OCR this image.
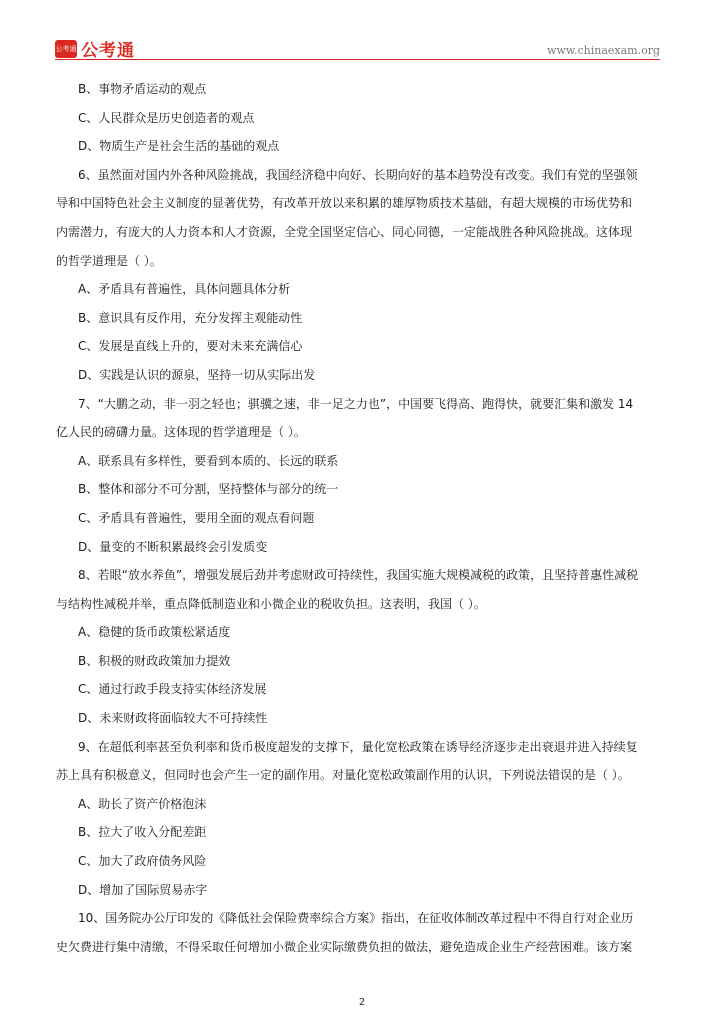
公考通 公考通	www.chinaexam.org
B、事物矛盾运动的观点
C、人民群众是历史创造者的观点
D、物质生产是社会生活的基础的观点
6、虽然面对国内外各种风险挑战，我国经济稳中向好、长期向好的基本趋势没有改变。我们有党的坚强领
导和中国特色社会主义制度的显著优势，有改革开放以来积累的雄厚物质技术基础，有超大规模的市场优势和
内需潜力，有庞大的人力资本和人才资源，全党全国坚定信心、同心同德，一定能战胜各种风险挑战。这体现
的哲学道理是（ ）。
A、矛盾具有普遍性，具体问题具体分析
B、意识具有反作用，充分发挥主观能动性
C、发展是直线上升的，要对未来充满信心
D、实践是认识的源泉，坚持一切从实际出发
7、“大鹏之动，非一羽之轻也；骐骥之速，非一足之力也”，中国要飞得高、跑得快，就要汇集和激发 14
亿人民的磅礴力量。这体现的哲学道理是（ ）。
A、联系具有多样性，要看到本质的、长远的联系
B、整体和部分不可分割，坚持整体与部分的统一
C、矛盾具有普遍性，要用全面的观点看问题
D、量变的不断积累最终会引发质变
8、若眼“放水养鱼”，增强发展后劲并考虑财政可持续性，我国实施大规模减税的政策，且坚持普惠性减税
与结构性减税并举，重点降低制造业和小微企业的税收负担。这表明，我国（ ）。
A、稳健的货币政策松紧适度
B、积极的财政政策加力提效
C、通过行政手段支持实体经济发展
D、未来财政将面临较大不可持续性
9、在超低利率甚至负利率和货币极度超发的支撑下，量化宽松政策在诱导经济逐步走出衰退并进入持续复
苏上具有积极意义，但同时也会产生一定的副作用。对量化宽松政策副作用的认识，下列说法错误的是（ ）。
A、助长了资产价格泡沫
B、拉大了收入分配差距
C、加大了政府债务风险
D、增加了国际贸易赤字
10、国务院办公厅印发的《降低社会保险费率综合方案》指出，在征收体制改革过程中不得自行对企业历
史欠费进行集中清缴，不得采取任何增加小微企业实际缴费负担的做法，避免造成企业生产经营困难。该方案
2
